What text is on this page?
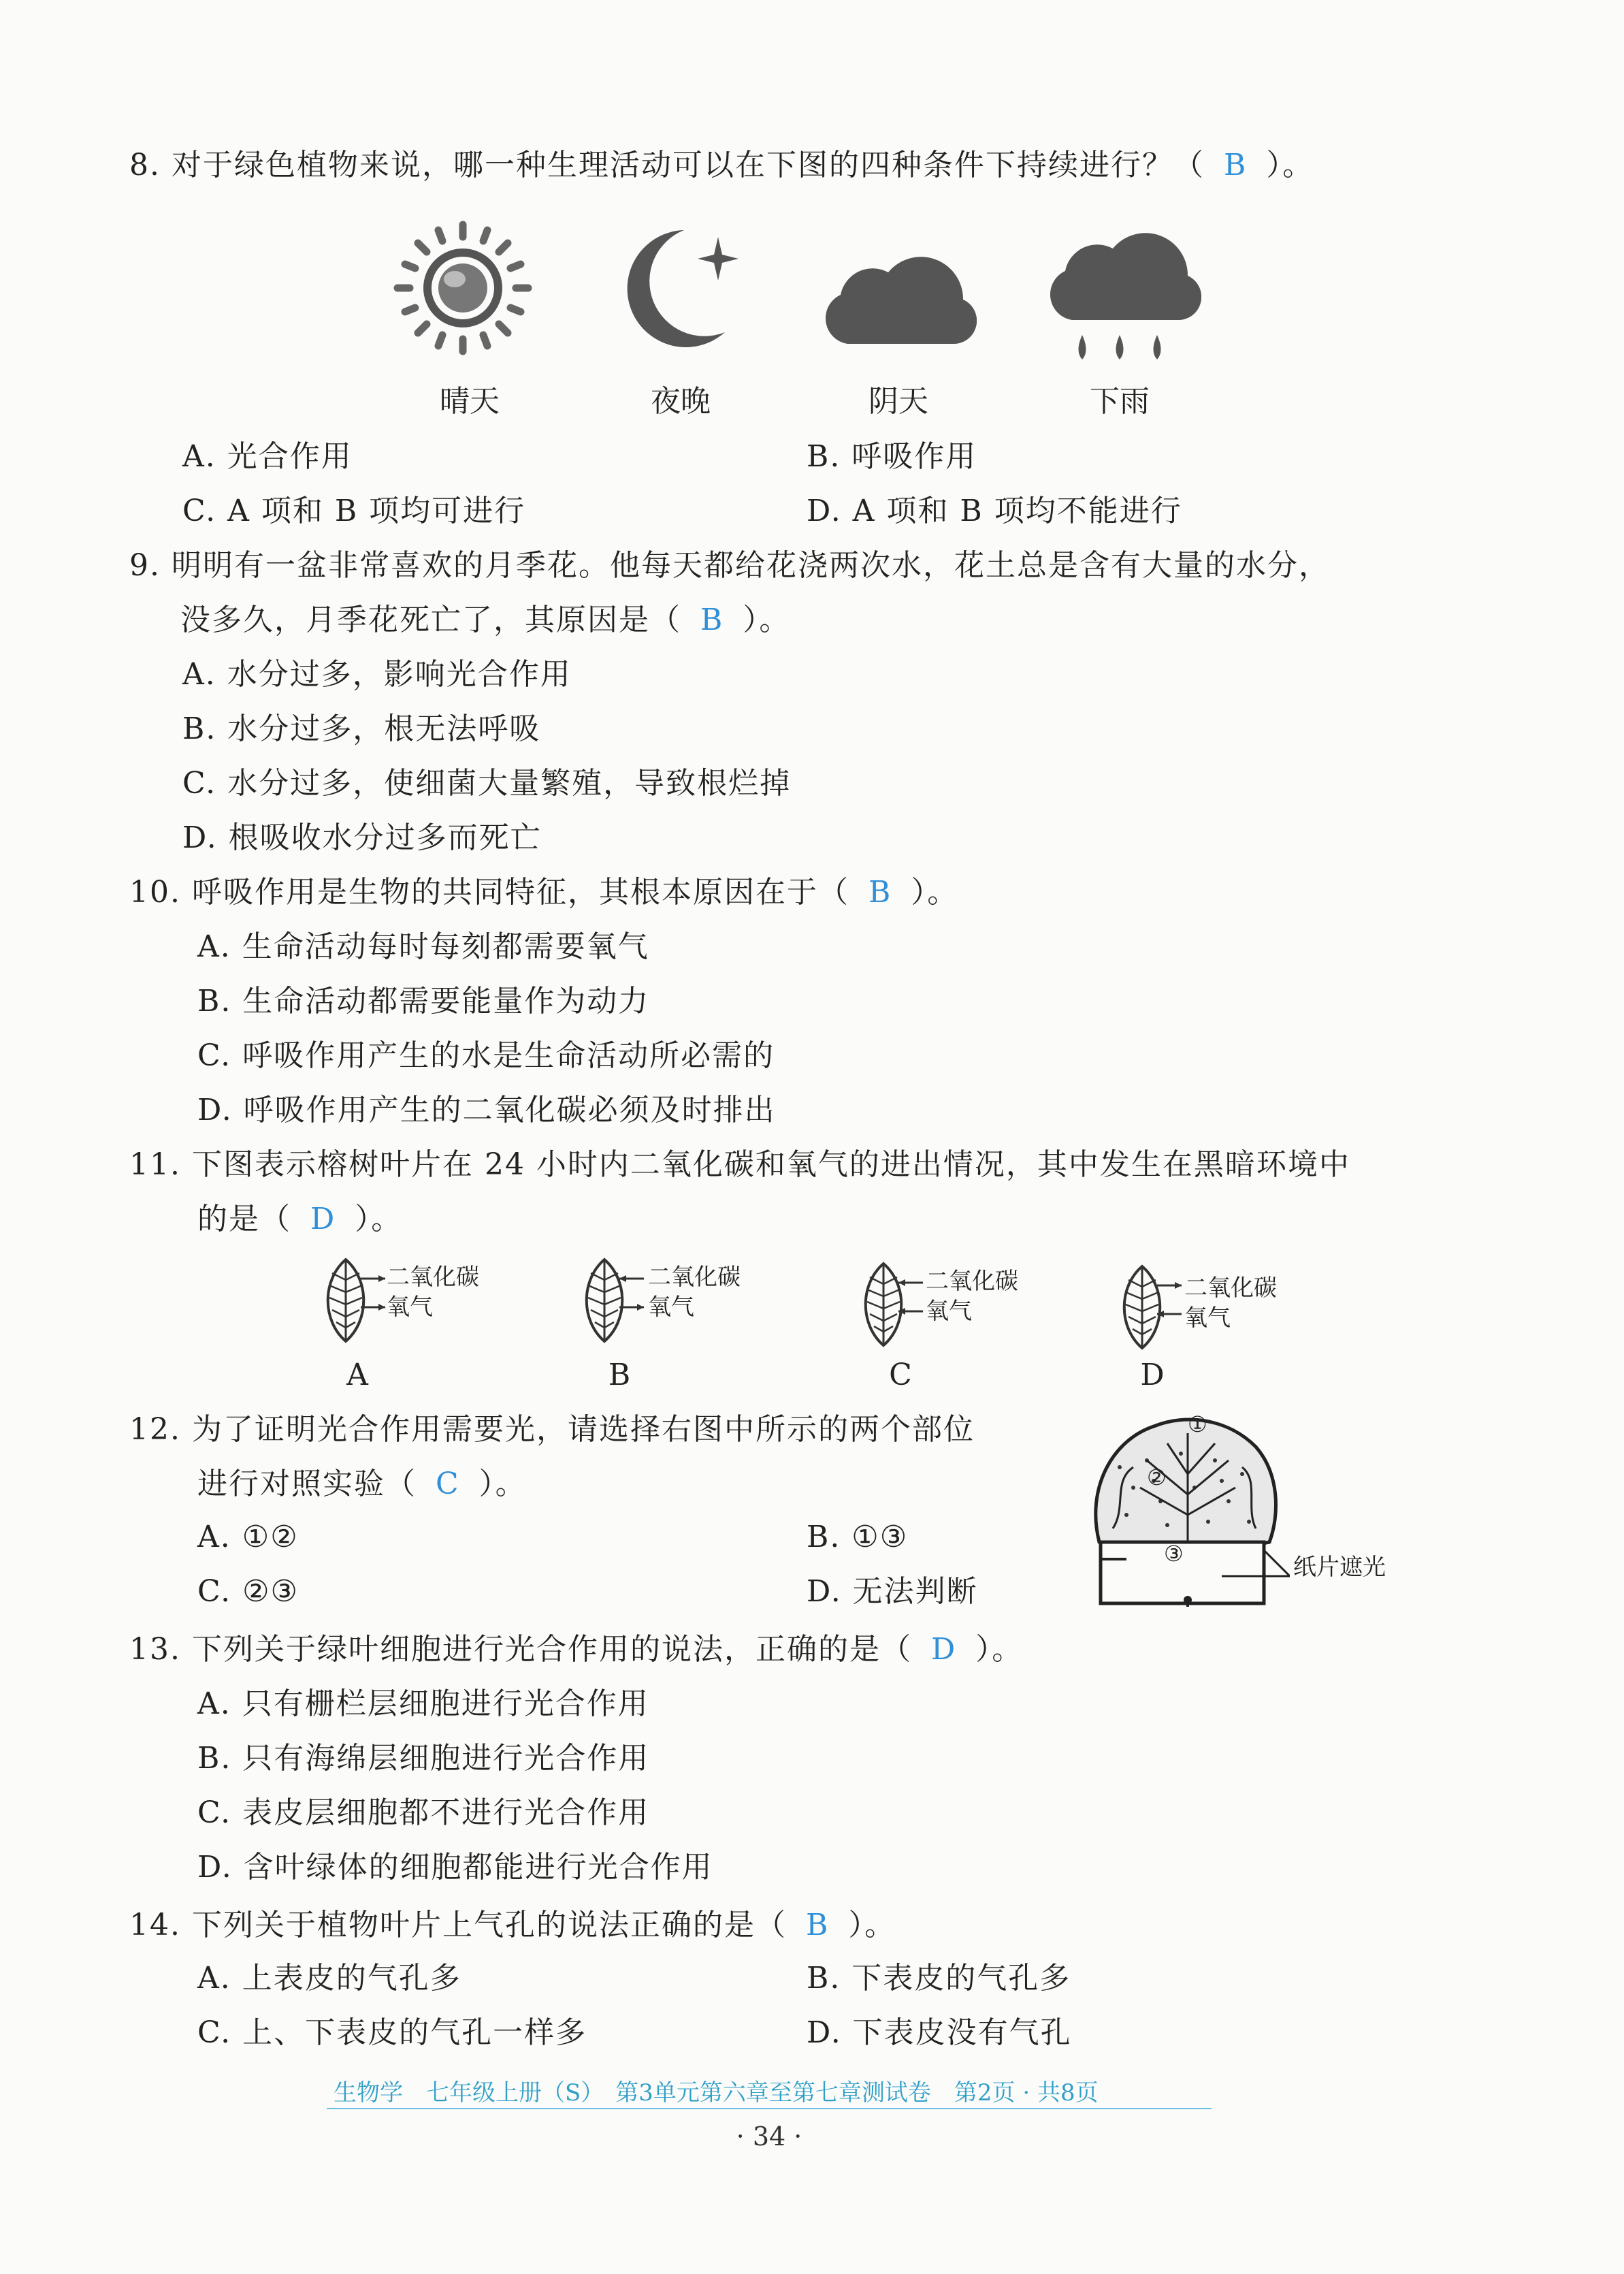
8. 对于绿色植物来说，哪一种生理活动可以在下图的四种条件下持续进行？（ B ）。
晴天	夜晚	阴天	下雨
A. 光合作用	B. 呼吸作用
C. A 项和 B 项均可进行	D. A 项和 B 项均不能进行
9. 明明有一盆非常喜欢的月季花。他每天都给花浇两次水，花土总是含有大量的水分，
没多久，月季花死亡了，其原因是（ B ）。
A. 水分过多，影响光合作用
B. 水分过多，根无法呼吸
C. 水分过多，使细菌大量繁殖，导致根烂掉
D. 根吸收水分过多而死亡
10. 呼吸作用是生物的共同特征，其根本原因在于（ B ）。
A. 生命活动每时每刻都需要氧气
B. 生命活动都需要能量作为动力
C. 呼吸作用产生的水是生命活动所必需的
D. 呼吸作用产生的二氧化碳必须及时排出
11. 下图表示榕树叶片在 24 小时内二氧化碳和氧气的进出情况，其中发生在黑暗环境中
的是（ D ）。
二氧化碳
氧气
二氧化碳
氧气
二氧化碳
氧气
二氧化碳
氧气
A	B	C	D
12. 为了证明光合作用需要光，请选择右图中所示的两个部位
进行对照实验（ C ）。
A. ①②	B. ①③
C. ②③	D. 无法判断
①
②
③	纸片遮光
13. 下列关于绿叶细胞进行光合作用的说法，正确的是（ D ）。
A. 只有栅栏层细胞进行光合作用
B. 只有海绵层细胞进行光合作用
C. 表皮层细胞都不进行光合作用
D. 含叶绿体的细胞都能进行光合作用
14. 下列关于植物叶片上气孔的说法正确的是（ B ）。
A. 上表皮的气孔多	B. 下表皮的气孔多
C. 上、下表皮的气孔一样多	D. 下表皮没有气孔
生物学　七年级上册（S）　第3单元第六章至第七章测试卷　第2页 · 共8页
· 34 ·
